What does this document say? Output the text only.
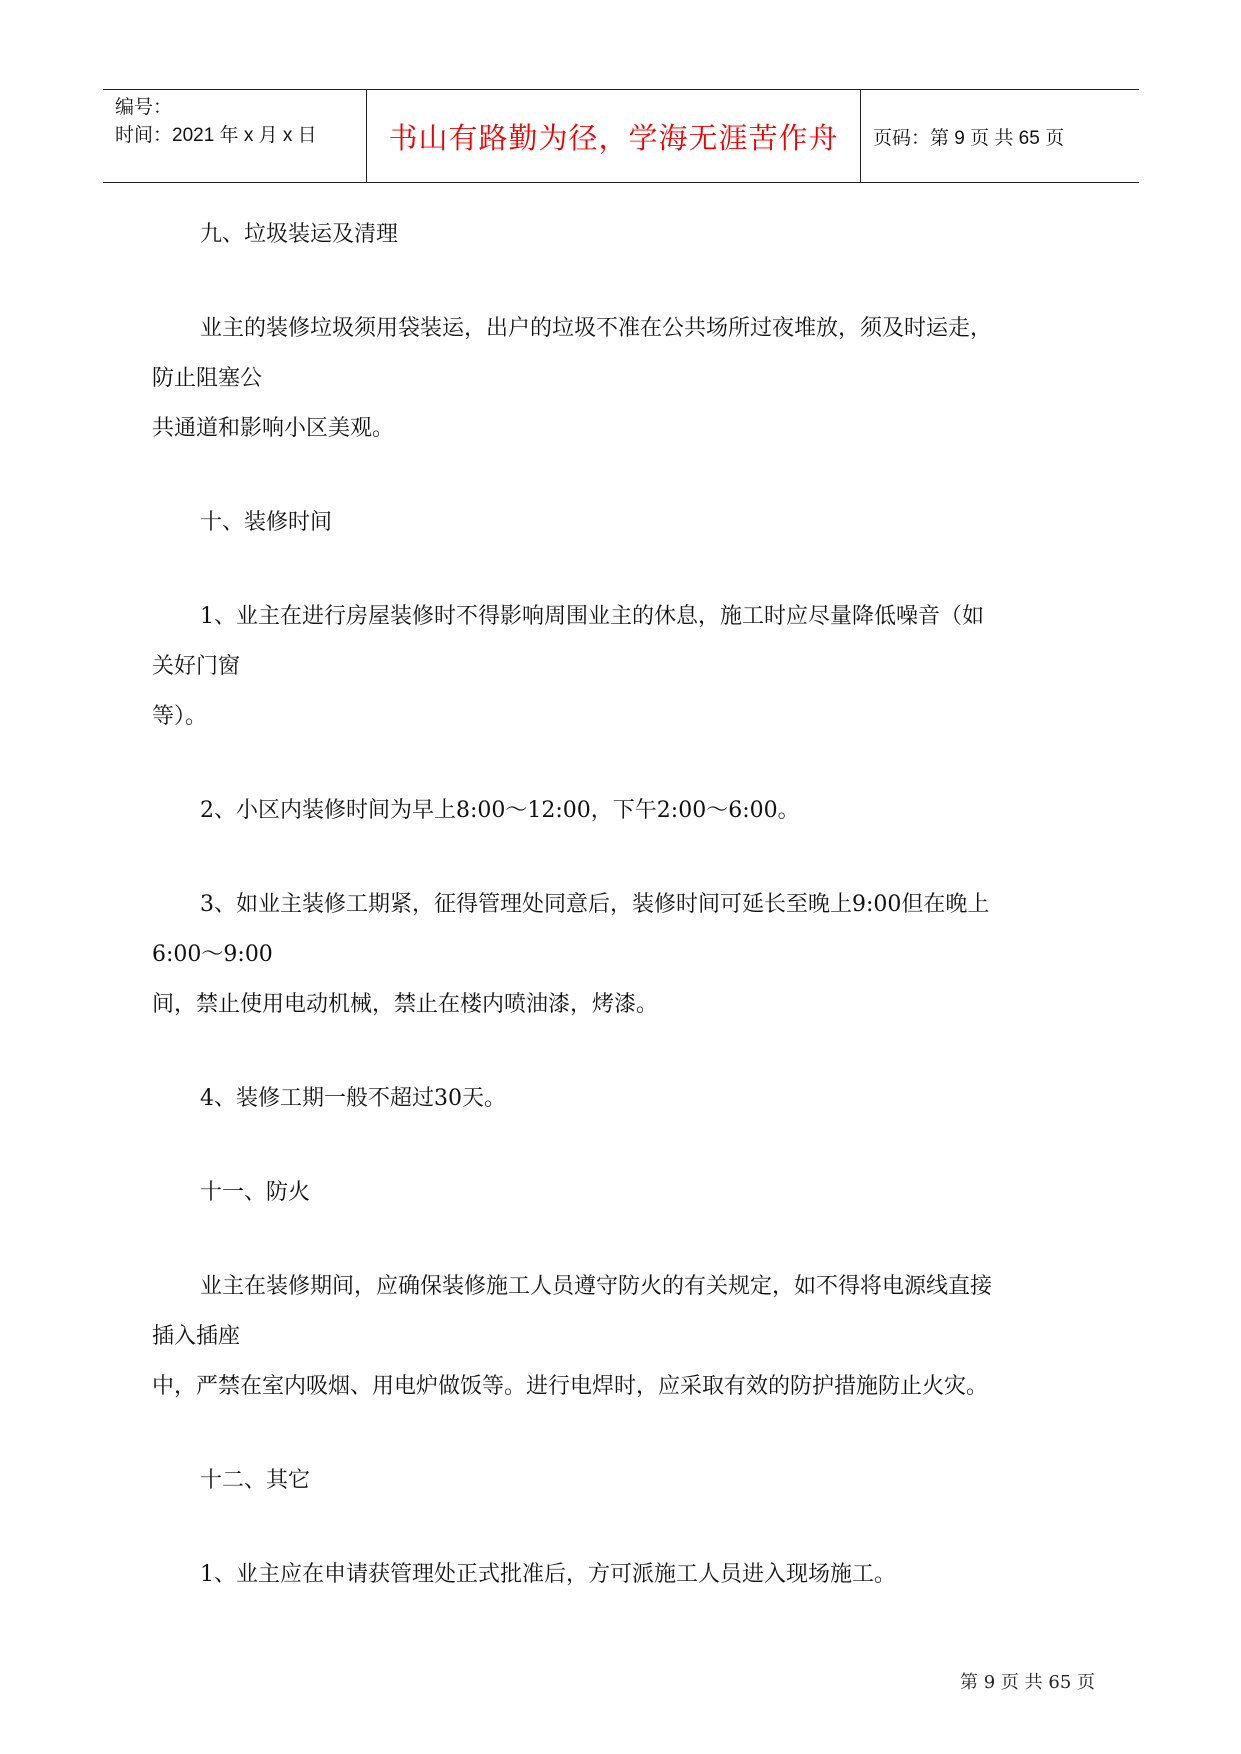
编号：
时间：2021 年 x 月 x 日	书山有路勤为径，学海无涯苦作舟	页码：第 9 页 共 65 页

九、垃圾装运及清理

业主的装修垃圾须用袋装运，出户的垃圾不准在公共场所过夜堆放，须及时运走，

防止阻塞公

共通道和影响小区美观。

十、装修时间

1、业主在进行房屋装修时不得影响周围业主的休息，施工时应尽量降低噪音（如

关好门窗

等）。

2、小区内装修时间为早上8:00～12:00，下午2:00～6:00。

3、如业主装修工期紧，征得管理处同意后，装修时间可延长至晚上9:00但在晚上

6:00～9:00

间，禁止使用电动机械，禁止在楼内喷油漆，烤漆。

4、装修工期一般不超过30天。

十一、防火

业主在装修期间，应确保装修施工人员遵守防火的有关规定，如不得将电源线直接

插入插座

中，严禁在室内吸烟、用电炉做饭等。进行电焊时，应采取有效的防护措施防止火灾。

十二、其它

1、业主应在申请获管理处正式批准后，方可派施工人员进入现场施工。

第 9 页 共 65 页
